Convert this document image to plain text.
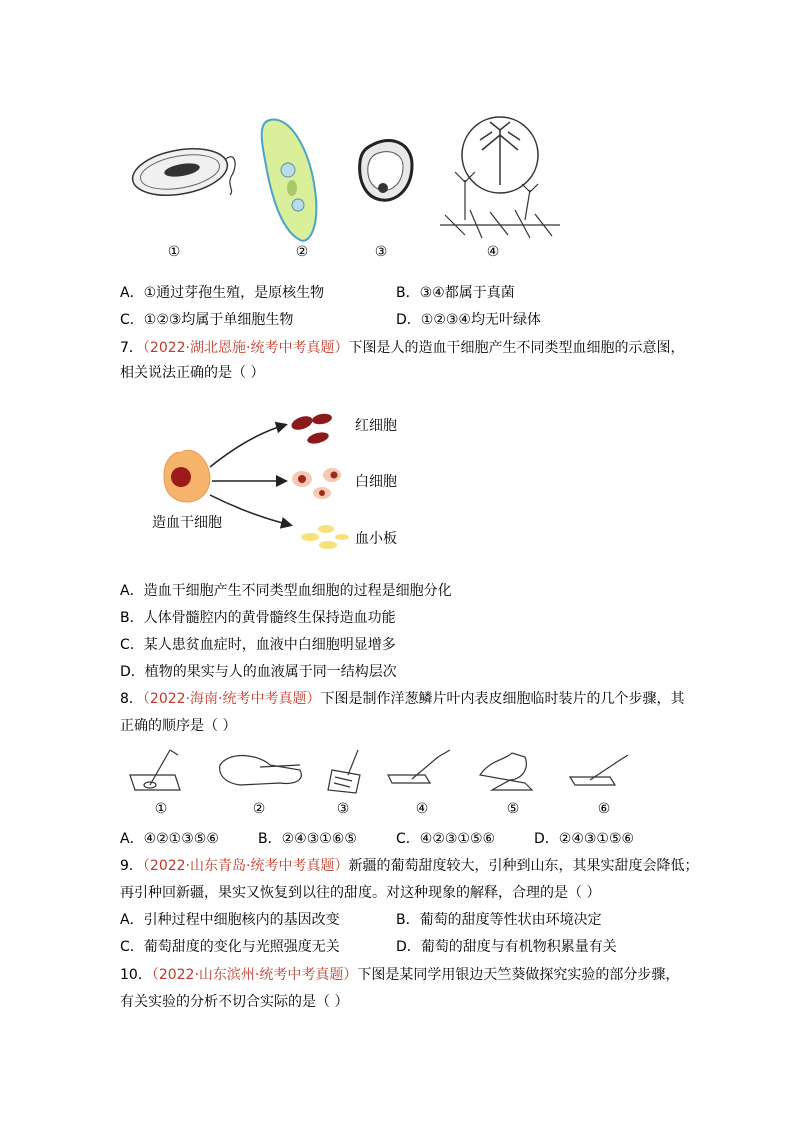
①	②	③	④
A．①通过芽孢生殖，是原核生物	B．③④都属于真菌
C．①②③均属于单细胞生物	D．①②③④均无叶绿体
7．（2022·湖北恩施·统考中考真题）下图是人的造血干细胞产生不同类型血细胞的示意图，
相关说法正确的是（ ）
红细胞
白细胞
造血干细胞
血小板
A．造血干细胞产生不同类型血细胞的过程是细胞分化
B．人体骨髓腔内的黄骨髓终生保持造血功能
C．某人患贫血症时，血液中白细胞明显增多
D．植物的果实与人的血液属于同一结构层次
8．（2022·海南·统考中考真题）下图是制作洋葱鳞片叶内表皮细胞临时装片的几个步骤，其
正确的顺序是（ ）
①	②	③	④	⑤	⑥
A．④②①③⑤⑥	B．②④③①⑥⑤	C．④②③①⑤⑥	D．②④③①⑤⑥
9．（2022·山东青岛·统考中考真题）新疆的葡萄甜度较大，引种到山东，其果实甜度会降低；
再引种回新疆，果实又恢复到以往的甜度。对这种现象的解释，合理的是（ ）
A．引种过程中细胞核内的基因改变	B．葡萄的甜度等性状由环境决定
C．葡萄甜度的变化与光照强度无关	D．葡萄的甜度与有机物积累量有关
10．（2022·山东滨州·统考中考真题）下图是某同学用银边天竺葵做探究实验的部分步骤，
有关实验的分析不切合实际的是（ ）
